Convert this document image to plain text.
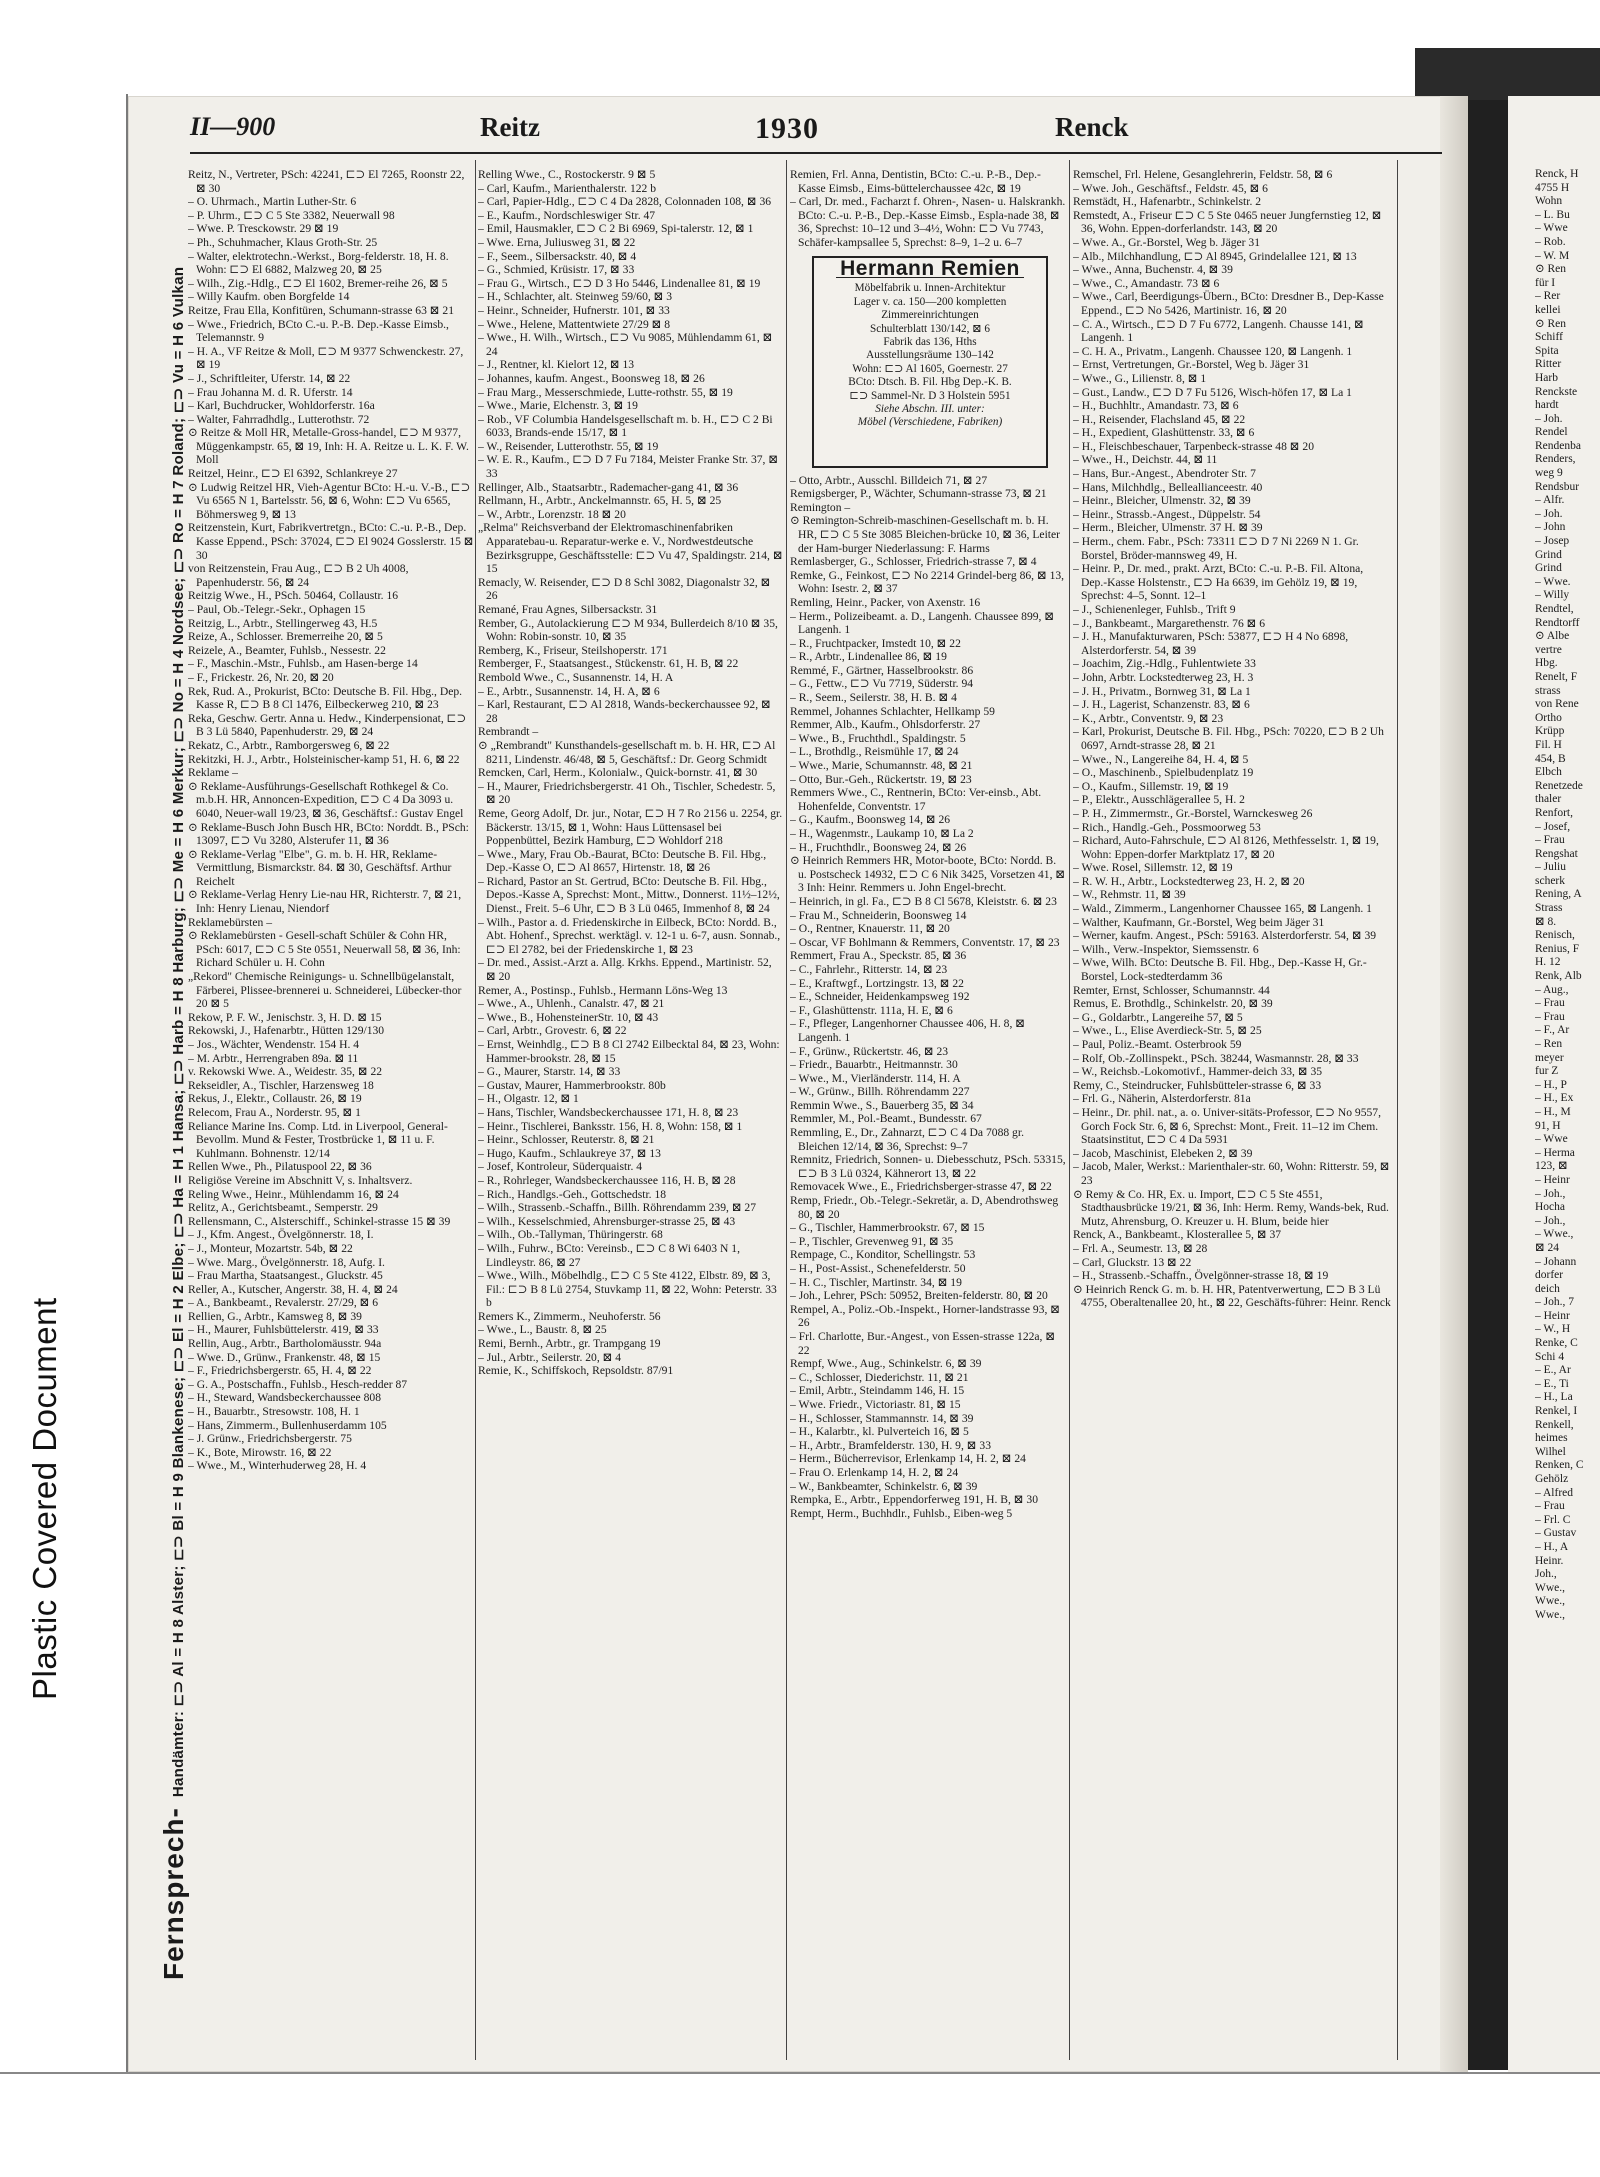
Plastic Covered Document
II—900	Reitz	1930	Renck
Fernsprech-Handämter: ⊏⊃ Al = H 8 Alster; ⊏⊃ Bl = H 9 Blankenese; ⊏⊃ El = H 2 Elbe; ⊏⊃ Ha = H 1 Hansa; ⊏⊃ Harb = H 8 Harburg; ⊏⊃ Me = H 6 Merkur; ⊏⊃ No = H 4 Nordsee; ⊏⊃ Ro = H 7 Roland; ⊏⊃ Vu = H 6 Vulkan

Reitz, N., Vertreter, PSch: 42241, ⊏⊃ El 7265, Roonstr 22, ⊠ 30

– O. Uhrmach., Martin Luther-Str. 6

– P. Uhrm., ⊏⊃ C 5 Ste 3382, Neuerwall 98

– Wwe. P. Tresckowstr. 29 ⊠ 19

– Ph., Schuhmacher, Klaus Groth-Str. 25

– Walter, elektrotechn.-Werkst., Borg-felderstr. 18, H. 8. Wohn: ⊏⊃ El 6882, Malzweg 20, ⊠ 25

– Wilh., Zig.-Hdlg., ⊏⊃ El 1602, Bremer-reihe 26, ⊠ 5

– Willy Kaufm. oben Borgfelde 14

Reitze, Frau Ella, Konfitüren, Schumann-strasse 63 ⊠ 21

– Wwe., Friedrich, BCto C.-u. P.-B. Dep.-Kasse Eimsb., Telemannstr. 9

– H. A., VF Reitze & Moll, ⊏⊃ M 9377 Schwenckestr. 27, ⊠ 19

– J., Schriftleiter, Uferstr. 14, ⊠ 22

– Frau Johanna M. d. R. Uferstr. 14

– Karl, Buchdrucker, Wohldorferstr. 16a

– Walter, Fahrradhdlg., Lutterothstr. 72

⊙ Reitze & Moll HR, Metalle-Gross-handel, ⊏⊃ M 9377, Müggenkampstr. 65, ⊠ 19, Inh: H. A. Reitze u. L. K. F. W. Moll

Reitzel, Heinr., ⊏⊃ El 6392, Schlankreye 27

⊙ Ludwig Reitzel HR, Vieh-Agentur BCto: H.-u. V.-B., ⊏⊃ Vu 6565 N 1, Bartelsstr. 56, ⊠ 6, Wohn: ⊏⊃ Vu 6565, Böhmersweg 9, ⊠ 13

Reitzenstein, Kurt, Fabrikvertretgn., BCto: C.-u. P.-B., Dep. Kasse Eppend., PSch: 37024, ⊏⊃ El 9024 Gosslerstr. 15 ⊠ 30

von Reitzenstein, Frau Aug., ⊏⊃ B 2 Uh 4008, Papenhuderstr. 56, ⊠ 24

Reitzig Wwe., H., PSch. 50464, Collaustr. 16

– Paul, Ob.-Telegr.-Sekr., Ophagen 15

Reitzig, L., Arbtr., Stellingerweg 43, H.5

Reize, A., Schlosser. Bremerreihe 20, ⊠ 5

Reizele, A., Beamter, Fuhlsb., Nessestr. 22

– F., Maschin.-Mstr., Fuhlsb., am Hasen-berge 14

– F., Frickestr. 26, Nr. 20, ⊠ 20

Rek, Rud. A., Prokurist, BCto: Deutsche B. Fil. Hbg., Dep. Kasse R, ⊏⊃ B 8 Cl 1476, Eilbeckerweg 210, ⊠ 23

Reka, Geschw. Gertr. Anna u. Hedw., Kinderpensionat, ⊏⊃ B 3 Lü 5840, Papenhuderstr. 29, ⊠ 24

Rekatz, C., Arbtr., Ramborgersweg 6, ⊠ 22

Rekitzki, H. J., Arbtr., Holsteinischer-kamp 51, H. 6, ⊠ 22

Reklame –

⊙ Reklame-Ausführungs-Gesellschaft Rothkegel & Co. m.b.H. HR, Annoncen-Expedition, ⊏⊃ C 4 Da 3093 u. 6040, Neuer-wall 19/23, ⊠ 36, Geschäftsf.: Gustav Engel

⊙ Reklame-Busch John Busch HR, BCto: Norddt. B., PSch: 13097, ⊏⊃ Vu 3280, Alsterufer 11, ⊠ 36

⊙ Reklame-Verlag "Elbe", G. m. b. H. HR, Reklame-Vermittlung, Bismarckstr. 84. ⊠ 30, Geschäftsf. Arthur Reichelt

⊙ Reklame-Verlag Henry Lie-nau HR, Richterstr. 7, ⊠ 21, Inh: Henry Lienau, Niendorf

Reklamebürsten –

⊙ Reklamebürsten - Gesell-schaft Schüler & Cohn HR, PSch: 6017, ⊏⊃ C 5 Ste 0551, Neuerwall 58, ⊠ 36, Inh: Richard Schüler u. H. Cohn

„Rekord" Chemische Reinigungs- u. Schnellbügelanstalt, Färberei, Plissee-brennerei u. Schneiderei, Lübecker-thor 20 ⊠ 5

Rekow, P. F. W., Jenischstr. 3, H. D. ⊠ 15

Rekowski, J., Hafenarbtr., Hütten 129/130

– Jos., Wächter, Wendenstr. 154 H. 4

– M. Arbtr., Herrengraben 89a. ⊠ 11

v. Rekowski Wwe. A., Weidestr. 35, ⊠ 22

Rekseidler, A., Tischler, Harzensweg 18

Rekus, J., Elektr., Collaustr. 26, ⊠ 19

Relecom, Frau A., Norderstr. 95, ⊠ 1

Reliance Marine Ins. Comp. Ltd. in Liverpool, General-Bevollm. Mund & Fester, Trostbrücke 1, ⊠ 11 u. F. Kuhlmann. Bohnenstr. 12/14

Rellen Wwe., Ph., Pilatuspool 22, ⊠ 36

Religiöse Vereine im Abschnitt V, s. Inhaltsverz.

Reling Wwe., Heinr., Mühlendamm 16, ⊠ 24

Relitz, A., Gerichtsbeamt., Semperstr. 29

Rellensmann, C., Alsterschiff., Schinkel-strasse 15 ⊠ 39

– J., Kfm. Angest., Övelgönnerstr. 18, I.

– J., Monteur, Mozartstr. 54b, ⊠ 22

– Wwe. Marg., Övelgönnerstr. 18, Aufg. I.

– Frau Martha, Staatsangest., Gluckstr. 45

Reller, A., Kutscher, Angerstr. 38, H. 4, ⊠ 24

– A., Bankbeamt., Revalerstr. 27/29, ⊠ 6

Rellien, G., Arbtr., Kamsweg 8, ⊠ 39

– H., Maurer, Fuhlsbüttelerstr. 419, ⊠ 33

Rellin, Aug., Arbtr., Bartholomäusstr. 94a

– Wwe. D., Grünw., Frankenstr. 48, ⊠ 15

– F., Friedrichsbergerstr. 65, H. 4, ⊠ 22

– G. A., Postschaffn., Fuhlsb., Hesch-redder 87

– H., Steward, Wandsbeckerchaussee 808

– H., Bauarbtr., Stresowstr. 108, H. 1

– Hans, Zimmerm., Bullenhuserdamm 105

– J. Grünw., Friedrichsbergerstr. 75

– K., Bote, Mirowstr. 16, ⊠ 22

– Wwe., M., Winterhuderweg 28, H. 4

Relling Wwe., C., Rostockerstr. 9 ⊠ 5

– Carl, Kaufm., Marienthalerstr. 122 b

– Carl, Papier-Hdlg., ⊏⊃ C 4 Da 2828, Colonnaden 108, ⊠ 36

– E., Kaufm., Nordschleswiger Str. 47

– Emil, Hausmakler, ⊏⊃ C 2 Bi 6969, Spi-talerstr. 12, ⊠ 1

– Wwe. Erna, Juliusweg 31, ⊠ 22

– F., Seem., Silbersackstr. 40, ⊠ 4

– G., Schmied, Krüsistr. 17, ⊠ 33

– Frau G., Wirtsch., ⊏⊃ D 3 Ho 5446, Lindenallee 81, ⊠ 19

– H., Schlachter, alt. Steinweg 59/60, ⊠ 3

– Heinr., Schneider, Hufnerstr. 101, ⊠ 33

– Wwe., Helene, Mattentwiete 27/29 ⊠ 8

– Wwe., H. Wilh., Wirtsch., ⊏⊃ Vu 9085, Mühlendamm 61, ⊠ 24

– J., Rentner, kl. Kielort 12, ⊠ 13

– Johannes, kaufm. Angest., Boonsweg 18, ⊠ 26

– Frau Marg., Messerschmiede, Lutte-rothstr. 55, ⊠ 19

– Wwe., Marie, Elchenstr. 3, ⊠ 19

– Rob., VF Columbia Handelsgesellschaft m. b. H., ⊏⊃ C 2 Bi 6033, Brands-ende 15/17, ⊠ 1

– W., Reisender, Lutterothstr. 55, ⊠ 19

– W. E. R., Kaufm., ⊏⊃ D 7 Fu 7184, Meister Franke Str. 37, ⊠ 33

Rellinger, Alb., Staatsarbtr., Rademacher-gang 41, ⊠ 36

Rellmann, H., Arbtr., Anckelmannstr. 65, H. 5, ⊠ 25

– W., Arbtr., Lorenzstr. 18 ⊠ 20

„Relma" Reichsverband der Elektromaschinenfabriken Apparatebau-u. Reparatur-werke e. V., Nordwestdeutsche Bezirksgruppe, Geschäftsstelle: ⊏⊃ Vu 47, Spaldingstr. 214, ⊠ 15

Remacly, W. Reisender, ⊏⊃ D 8 Schl 3082, Diagonalstr 32, ⊠ 26

Remané, Frau Agnes, Silbersackstr. 31

Rember, G., Autolackierung ⊏⊃ M 934, Bullerdeich 8/10 ⊠ 35, Wohn: Robin-sonstr. 10, ⊠ 35

Remberg, K., Friseur, Steilshoperstr. 171

Remberger, F., Staatsangest., Stückenstr. 61, H. B, ⊠ 22

Rembold Wwe., C., Susannenstr. 14, H. A

– E., Arbtr., Susannenstr. 14, H. A, ⊠ 6

– Karl, Restaurant, ⊏⊃ Al 2818, Wands-beckerchaussee 92, ⊠ 28

Rembrandt –

⊙ „Rembrandt" Kunsthandels-gesellschaft m. b. H. HR, ⊏⊃ Al 8211, Lindenstr. 46/48, ⊠ 5, Geschäftsf.: Dr. Georg Schmidt

Remcken, Carl, Herm., Kolonialw., Quick-bornstr. 41, ⊠ 30

– H., Maurer, Friedrichsbergerstr. 41 Oh., Tischler, Schedestr. 5, ⊠ 20

Reme, Georg Adolf, Dr. jur., Notar, ⊏⊃ H 7 Ro 2156 u. 2254, gr. Bäckerstr. 13/15, ⊠ 1, Wohn: Haus Lüttensasel bei Poppenbüttel, Bezirk Hamburg, ⊏⊃ Wohldorf 218

– Wwe., Mary, Frau Ob.-Baurat, BCto: Deutsche B. Fil. Hbg., Dep.-Kasse O, ⊏⊃ Al 8657, Hirtenstr. 18, ⊠ 26

– Richard, Pastor an St. Gertrud, BCto: Deutsche B. Fil. Hbg., Depos.-Kasse A, Sprechst: Mont., Mittw., Donnerst. 11½–12½, Dienst., Freit. 5–6 Uhr, ⊏⊃ B 3 Lü 0465, Immenhof 8, ⊠ 24

– Wilh., Pastor a. d. Friedenskirche in Eilbeck, BCto: Nordd. B., Abt. Hohenf., Sprechst. werktägl. v. 12-1 u. 6-7, ausn. Sonnab., ⊏⊃ El 2782, bei der Friedenskirche 1, ⊠ 23

– Dr. med., Assist.-Arzt a. Allg. Krkhs. Eppend., Martinistr. 52, ⊠ 20

Remer, A., Postinsp., Fuhlsb., Hermann Löns-Weg 13

– Wwe., A., Uhlenh., Canalstr. 47, ⊠ 21

– Wwe., B., HohensteinerStr. 10, ⊠ 43

– Carl, Arbtr., Grovestr. 6, ⊠ 22

– Ernst, Weinhdlg., ⊏⊃ B 8 Cl 2742 Eilbecktal 84, ⊠ 23, Wohn: Hammer-brookstr. 28, ⊠ 15

– G., Maurer, Starstr. 14, ⊠ 33

– Gustav, Maurer, Hammerbrookstr. 80b

– H., Olgastr. 12, ⊠ 1

– Hans, Tischler, Wandsbeckerchaussee 171, H. 8, ⊠ 23

– Heinr., Tischlerei, Banksstr. 156, H. 8, Wohn: 158, ⊠ 1

– Heinr., Schlosser, Reuterstr. 8, ⊠ 21

– Hugo, Kaufm., Schlaukreye 37, ⊠ 13

– Josef, Kontroleur, Süderquaistr. 4

– R., Rohrleger, Wandsbeckerchaussee 116, H. B, ⊠ 28

– Rich., Handlgs.-Geh., Gottschedstr. 18

– Wilh., Strassenb.-Schaffn., Billh. Röhrendamm 239, ⊠ 27

– Wilh., Kesselschmied, Ahrensburger-strasse 25, ⊠ 43

– Wilh., Ob.-Tallyman, Thüringerstr. 68

– Wilh., Fuhrw., BCto: Vereinsb., ⊏⊃ C 8 Wi 6403 N 1, Lindleystr. 86, ⊠ 27

– Wwe., Wilh., Möbelhdlg., ⊏⊃ C 5 Ste 4122, Elbstr. 89, ⊠ 3, Fil.: ⊏⊃ B 8 Lü 2754, Stuvkamp 11, ⊠ 22, Wohn: Peterstr. 33 b

Remers K., Zimmerm., Neuhoferstr. 56

– Wwe., L., Baustr. 8, ⊠ 25

Remi, Bernh., Arbtr., gr. Trampgang 19

– Jul., Arbtr., Seilerstr. 20, ⊠ 4

Remie, K., Schiffskoch, Repsoldstr. 87/91

Remien, Frl. Anna, Dentistin, BCto: C.-u. P.-B., Dep.-Kasse Eimsb., Eims-büttelerchaussee 42c, ⊠ 19

– Carl, Dr. med., Facharzt f. Ohren-, Nasen- u. Halskrankh. BCto: C.-u. P.-B., Dep.-Kasse Eimsb., Espla-nade 38, ⊠ 36, Sprechst: 10–12 und 3–4½, Wohn: ⊏⊃ Vu 7743, Schäfer-kampsallee 5, Sprechst: 8–9, 1–2 u. 6–7

– Otto, Arbtr., Ausschl. Billdeich 71, ⊠ 27

Remigsberger, P., Wächter, Schumann-strasse 73, ⊠ 21

Remington –

⊙ Remington-Schreib-maschinen-Gesellschaft m. b. H. HR, ⊏⊃ C 5 Ste 3085 Bleichen-brücke 10, ⊠ 36, Leiter der Ham-burger Niederlassung: F. Harms

Remlasberger, G., Schlosser, Friedrich-strasse 7, ⊠ 4

Remke, G., Feinkost, ⊏⊃ No 2214 Grindel-berg 86, ⊠ 13, Wohn: Isestr. 2, ⊠ 37

Remling, Heinr., Packer, von Axenstr. 16

– Herm., Polizeibeamt. a. D., Langenh. Chaussee 899, ⊠ Langenh. 1

– R., Fruchtpacker, Imstedt 10, ⊠ 22

– R., Arbtr., Lindenallee 86, ⊠ 19

Remmé, F., Gärtner, Hasselbrookstr. 86

– G., Fettw., ⊏⊃ Vu 7719, Süderstr. 94

– R., Seem., Seilerstr. 38, H. B. ⊠ 4

Remmel, Johannes Schlachter, Hellkamp 59

Remmer, Alb., Kaufm., Ohlsdorferstr. 27

– Wwe., B., Fruchthdl., Spaldingstr. 5

– L., Brothdlg., Reismühle 17, ⊠ 24

– Wwe., Marie, Schumannstr. 48, ⊠ 21

– Otto, Bur.-Geh., Rückertstr. 19, ⊠ 23

Remmers Wwe., C., Rentnerin, BCto: Ver-einsb., Abt. Hohenfelde, Conventstr. 17

– G., Kaufm., Boonsweg 14, ⊠ 26

– H., Wagenmstr., Laukamp 10, ⊠ La 2

– H., Fruchthdlr., Boonsweg 24, ⊠ 26

⊙ Heinrich Remmers HR, Motor-boote, BCto: Nordd. B. u. Postscheck 14932, ⊏⊃ C 6 Nik 3425, Vorsetzen 41, ⊠ 3 Inh: Heinr. Remmers u. John Engel-brecht.

– Heinrich, in gl. Fa., ⊏⊃ B 8 Cl 5678, Kleiststr. 6. ⊠ 23

– Frau M., Schneiderin, Boonsweg 14

– O., Rentner, Knauerstr. 11, ⊠ 20

– Oscar, VF Bohlmann & Remmers, Conventstr. 17, ⊠ 23

Remmert, Frau A., Speckstr. 85, ⊠ 36

– C., Fahrlehr., Ritterstr. 14, ⊠ 23

– E., Kraftwgf., Lortzingstr. 13, ⊠ 22

– E., Schneider, Heidenkampsweg 192

– F., Glashüttenstr. 111a, H. E, ⊠ 6

– F., Pfleger, Langenhorner Chaussee 406, H. 8, ⊠ Langenh. 1

– F., Grünw., Rückertstr. 46, ⊠ 23

– Friedr., Bauarbtr., Heitmannstr. 30

– Wwe., M., Vierländerstr. 114, H. A

– W., Grünw., Billh. Röhrendamm 227

Remmin Wwe., S., Bauerberg 35, ⊠ 34

Remmler, M., Pol.-Beamt., Bundesstr. 67

Remmling, E., Dr., Zahnarzt, ⊏⊃ C 4 Da 7088 gr. Bleichen 12/14, ⊠ 36, Sprechst: 9–7

Remnitz, Friedrich, Sonnen- u. Diebesschutz, PSch. 53315, ⊏⊃ B 3 Lü 0324, Kähnerort 13, ⊠ 22

Removacek Wwe., E., Friedrichsberger-strasse 47, ⊠ 22

Remp, Friedr., Ob.-Telegr.-Sekretär, a. D, Abendrothsweg 80, ⊠ 20

– G., Tischler, Hammerbrookstr. 67, ⊠ 15

– P., Tischler, Grevenweg 91, ⊠ 35

Rempage, C., Konditor, Schellingstr. 53

– H., Post-Assist., Schenefelderstr. 50

– H. C., Tischler, Martinstr. 34, ⊠ 19

– Joh., Lehrer, PSch: 50952, Breiten-felderstr. 80, ⊠ 20

Rempel, A., Poliz.-Ob.-Inspekt., Horner-landstrasse 93, ⊠ 26

– Frl. Charlotte, Bur.-Angest., von Essen-strasse 122a, ⊠ 22

Rempf, Wwe., Aug., Schinkelstr. 6, ⊠ 39

– C., Schlosser, Diederichstr. 11, ⊠ 21

– Emil, Arbtr., Steindamm 146, H. 15

– Wwe. Friedr., Victoriastr. 81, ⊠ 15

– H., Schlosser, Stammannstr. 14, ⊠ 39

– H., Kalarbtr., kl. Pulverteich 16, ⊠ 5

– H., Arbtr., Bramfelderstr. 130, H. 9, ⊠ 33

– Herm., Bücherrevisor, Erlenkamp 14, H. 2, ⊠ 24

– Frau O. Erlenkamp 14, H. 2, ⊠ 24

– W., Bankbeamter, Schinkelstr. 6, ⊠ 39

Rempka, E., Arbtr., Eppendorferweg 191, H. B, ⊠ 30

Rempt, Herm., Buchhdlr., Fuhlsb., Eiben-weg 5

Remschel, Frl. Helene, Gesanglehrerin, Feldstr. 58, ⊠ 6

– Wwe. Joh., Geschäftsf., Feldstr. 45, ⊠ 6

Remstädt, H., Hafenarbtr., Schinkelstr. 2

Remstedt, A., Friseur ⊏⊃ C 5 Ste 0465 neuer Jungfernstieg 12, ⊠ 36, Wohn. Eppen-dorferlandstr. 143, ⊠ 20

– Wwe. A., Gr.-Borstel, Weg b. Jäger 31

– Alb., Milchhandlung, ⊏⊃ Al 8945, Grindelallee 121, ⊠ 13

– Wwe., Anna, Buchenstr. 4, ⊠ 39

– Wwe., C., Amandastr. 73 ⊠ 6

– Wwe., Carl, Beerdigungs-Übern., BCto: Dresdner B., Dep-Kasse Eppend., ⊏⊃ No 5426, Martinistr. 16, ⊠ 20

– C. A., Wirtsch., ⊏⊃ D 7 Fu 6772, Langenh. Chausse 141, ⊠ Langenh. 1

– C. H. A., Privatm., Langenh. Chaussee 120, ⊠ Langenh. 1

– Ernst, Vertretungen, Gr.-Borstel, Weg b. Jäger 31

– Wwe., G., Lilienstr. 8, ⊠ 1

– Gust., Landw., ⊏⊃ D 7 Fu 5126, Wisch-höfen 17, ⊠ La 1

– H., Buchhltr., Amandastr. 73, ⊠ 6

– H., Reisender, Flachsland 45, ⊠ 22

– H., Expedient, Glashüttenstr. 33, ⊠ 6

– H., Fleischbeschauer, Tarpenbeck-strasse 48 ⊠ 20

– Wwe., H., Deichstr. 44, ⊠ 11

– Hans, Bur.-Angest., Abendroter Str. 7

– Hans, Milchhdlg., Belleallianceestr. 40

– Heinr., Bleicher, Ulmenstr. 32, ⊠ 39

– Heinr., Strassb.-Angest., Düppelstr. 54

– Herm., Bleicher, Ulmenstr. 37 H. ⊠ 39

– Herm., chem. Fabr., PSch: 73311 ⊏⊃ D 7 Ni 2269 N 1. Gr. Borstel, Bröder-mannsweg 49, H.

– Heinr. P., Dr. med., prakt. Arzt, BCto: C.-u. P.-B. Fil. Altona, Dep.-Kasse Holstenstr., ⊏⊃ Ha 6639, im Gehölz 19, ⊠ 19, Sprechst: 4–5, Sonnt. 12–1

– J., Schienenleger, Fuhlsb., Trift 9

– J., Bankbeamt., Margarethenstr. 76 ⊠ 6

– J. H., Manufakturwaren, PSch: 53877, ⊏⊃ H 4 No 6898, Alsterdorferstr. 54, ⊠ 39

– Joachim, Zig.-Hdlg., Fuhlentwiete 33

– John, Arbtr. Lockstedterweg 23, H. 3

– J. H., Privatm., Bornweg 31, ⊠ La 1

– J. H., Lagerist, Schanzenstr. 83, ⊠ 6

– K., Arbtr., Conventstr. 9, ⊠ 23

– Karl, Prokurist, Deutsche B. Fil. Hbg., PSch: 70220, ⊏⊃ B 2 Uh 0697, Arndt-strasse 28, ⊠ 21

– Wwe., N., Langereihe 84, H. 4, ⊠ 5

– O., Maschinenb., Spielbudenplatz 19

– O., Kaufm., Sillemstr. 19, ⊠ 19

– P., Elektr., Ausschlägerallee 5, H. 2

– P. H., Zimmermstr., Gr.-Borstel, Warnckesweg 26

– Rich., Handlg.-Geh., Possmoorweg 53

– Richard, Auto-Fahrschule, ⊏⊃ Al 8126, Methfesselstr. 1, ⊠ 19, Wohn: Eppen-dorfer Marktplatz 17, ⊠ 20

– Wwe. Rosel, Sillemstr. 12, ⊠ 19

– R. W. H., Arbtr., Lockstedterweg 23, H. 2, ⊠ 20

– W., Rehmstr. 11, ⊠ 39

– Wald., Zimmerm., Langenhorner Chaussee 165, ⊠ Langenh. 1

– Walther, Kaufmann, Gr.-Borstel, Weg beim Jäger 31

– Werner, kaufm. Angest., PSch: 59163. Alsterdorferstr. 54, ⊠ 39

– Wilh., Verw.-Inspektor, Siemssenstr. 6

– Wwe, Wilh. BCto: Deutsche B. Fil. Hbg., Dep.-Kasse H, Gr.-Borstel, Lock-stedterdamm 36

Remter, Ernst, Schlosser, Schumannstr. 44

Remus, E. Brothdlg., Schinkelstr. 20, ⊠ 39

– G., Goldarbtr., Langereihe 57, ⊠ 5

– Wwe., L., Elise Averdieck-Str. 5, ⊠ 25

– Paul, Poliz.-Beamt. Osterbrook 59

– Rolf, Ob.-Zollinspekt., PSch. 38244, Wasmannstr. 28, ⊠ 33

– W., Reichsb.-Lokomotivf., Hammer-deich 33, ⊠ 35

Remy, C., Steindrucker, Fuhlsbütteler-strasse 6, ⊠ 33

– Frl. G., Näherin, Alsterdorferstr. 81a

– Heinr., Dr. phil. nat., a. o. Univer-sitäts-Professor, ⊏⊃ No 9557, Gorch Fock Str. 6, ⊠ 6, Sprechst: Mont., Freit. 11–12 im Chem. Staatsinstitut, ⊏⊃ C 4 Da 5931

– Jacob, Maschinist, Elebeken 2, ⊠ 39

– Jacob, Maler, Werkst.: Marienthaler-str. 60, Wohn: Ritterstr. 59, ⊠ 23

⊙ Remy & Co. HR, Ex. u. Import, ⊏⊃ C 5 Ste 4551, Stadthausbrücke 19/21, ⊠ 36, Inh: Herm. Remy, Wands-bek, Rud. Mutz, Ahrensburg, O. Kreuzer u. H. Blum, beide hier

Renck, A., Bankbeamt., Klosterallee 5, ⊠ 37

– Frl. A., Seumestr. 13, ⊠ 28

– Carl, Gluckstr. 13 ⊠ 22

– H., Strassenb.-Schaffn., Övelgönner-strasse 18, ⊠ 19

⊙ Heinrich Renck G. m. b. H. HR, Patentverwertung, ⊏⊃ B 3 Lü 4755, Oberaltenallee 20, ht., ⊠ 22, Geschäfts-führer: Heinr. Renck

Renck, H

4755 H

Wohn

– L. Bu

– Wwe

– Rob.

– W. M

⊙ Ren

für I

– Rer

kellei

⊙ Ren

Schiff

Spita

Ritter

Harb

Renckste

hardt

– Joh.

Rendel

Rendenba

Renders,

weg 9

Rendsbur

– Alfr.

– Joh.

– John

– Josep

Grind

Grind

– Wwe.

– Willy

Rendtel,

Rendtorff

⊙ Albe

vertre

Hbg.

Renelt, F

strass

von Rene

Ortho

Krüpp

Fil. H

454, B

Elbch

Renetzede

thaler

Renfort,

– Josef,

– Frau

Rengshat

– Juliu

scherk

Rening, A

Strass

⊠ 8.

Renisch,

Renius, F

H. 12

Renk, Alb

– Aug.,

– Frau

– Frau

– F., Ar

– Ren

meyer

fur Z

– H., P

– H., Ex

– H., M

91, H

– Wwe

– Herma

123, ⊠

– Heinr

– Joh.,

Hocha

– Joh.,

– Wwe.,

⊠ 24

– Johann

dorfer

deich

– Joh., 7

– Heinr

– W., H

Renke, C

Schi 4

– E., Ar

– E., Ti

– H., La

Renkel, I

Renkell,

heimes

Wilhel

Renken, C

Gehölz

– Alfred

– Frau

– Frl. C

– Gustav

– H., A

Heinr.

Joh.,

Wwe.,

Wwe.,

Wwe.,

Hermann Remien

Möbelfabrik u. Innen-Architektur

Lager v. ca. 150—200 kompletten

Zimmereinrichtungen

Schulterblatt 130/142, ⊠ 6

Fabrik das 136, Hths

Ausstellungsräume 130–142

Wohn: ⊏⊃ Al 1605, Goernestr. 27

BCto: Dtsch. B. Fil. Hbg Dep.-K. B.

⊏⊃ Sammel-Nr. D 3 Holstein 5951

Siehe Abschn. III. unter:

Möbel (Verschiedene, Fabriken)
